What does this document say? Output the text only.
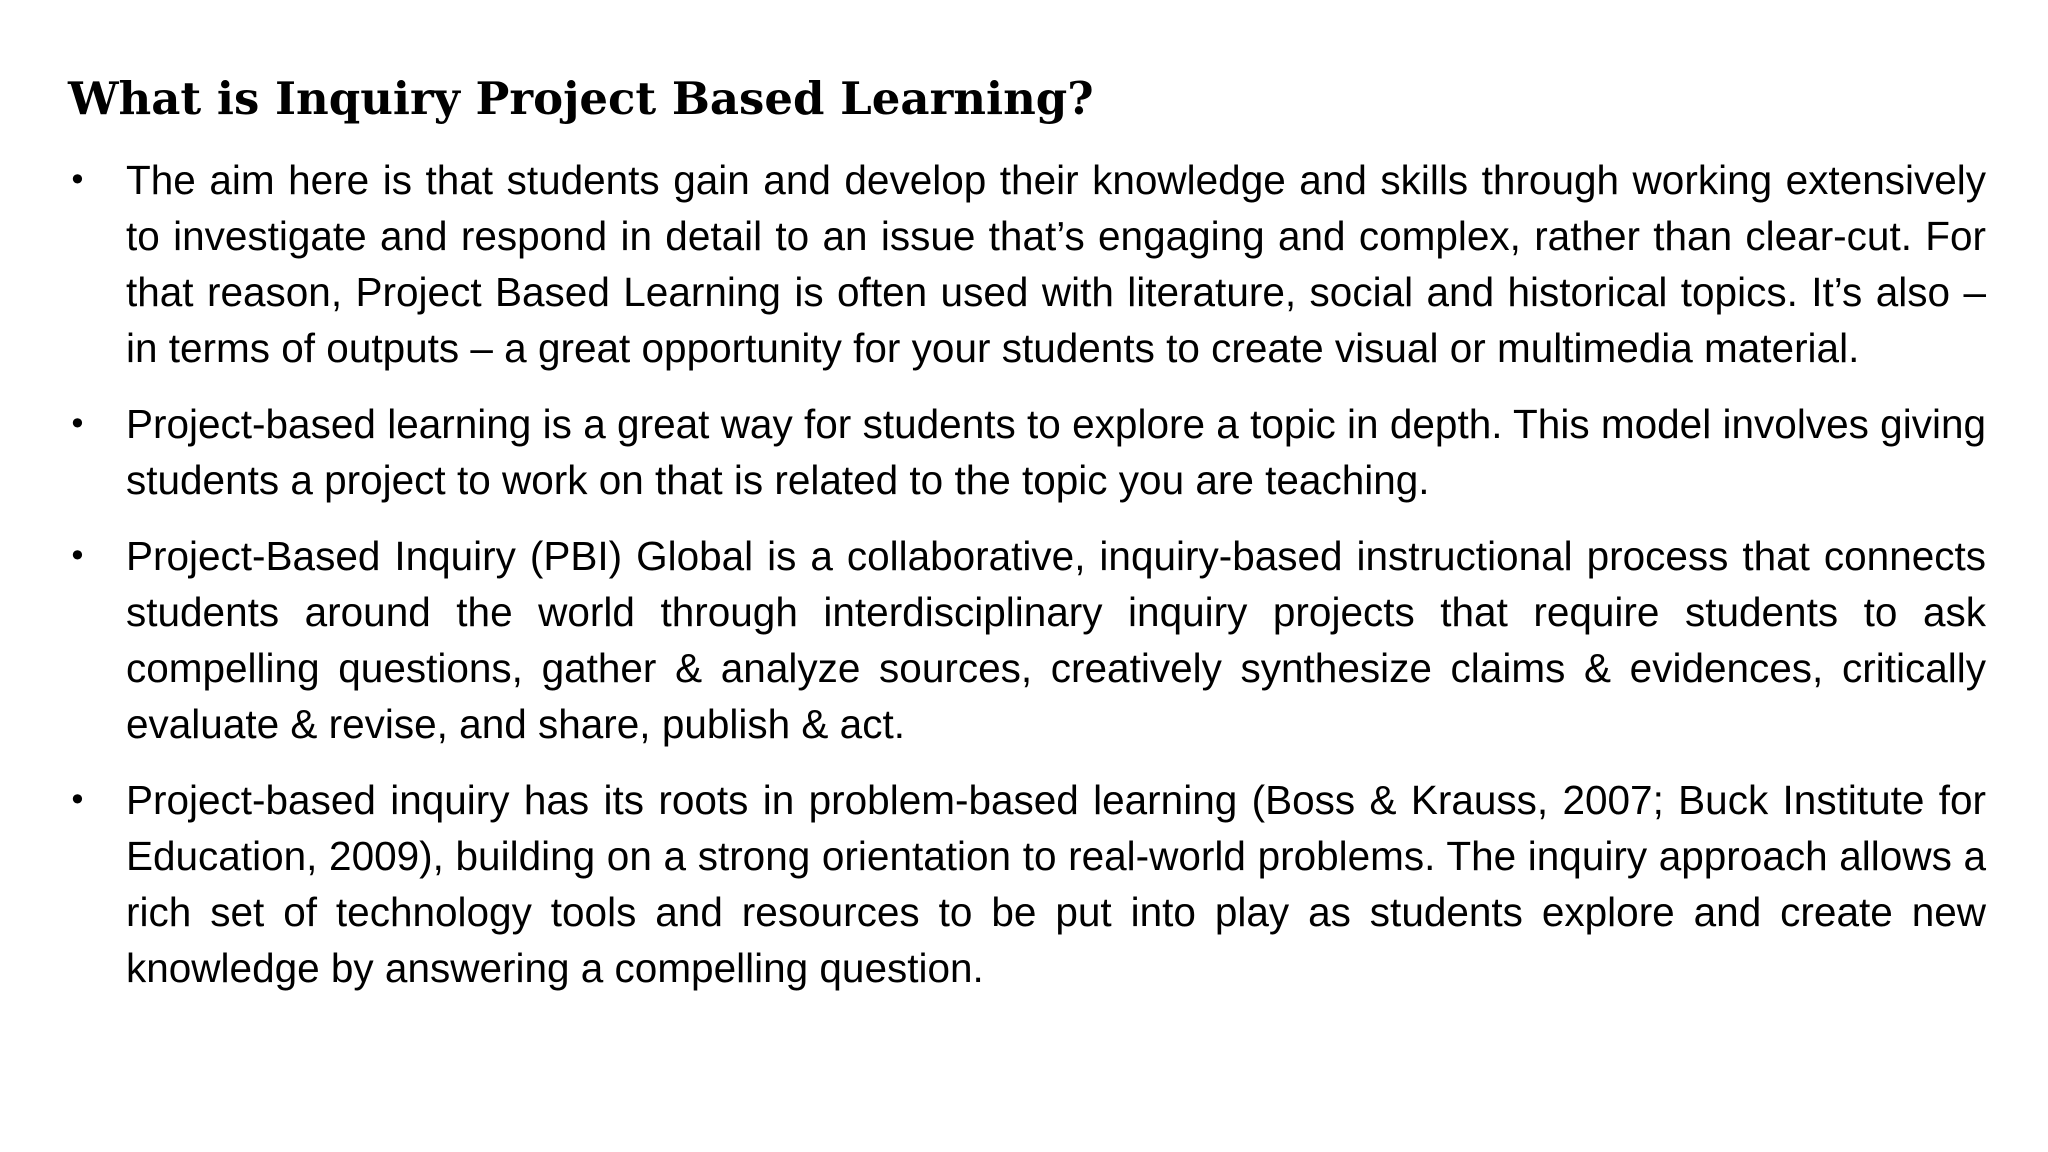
What is Inquiry Project Based Learning?
• The aim here is that students gain and develop their knowledge and skills through working extensively to investigate and respond in detail to an issue that’s engaging and complex, rather than clear-cut. For that reason, Project Based Learning is often used with literature, social and historical topics. It’s also – in terms of outputs – a great opportunity for your students to create visual or multimedia material.
• Project-based learning is a great way for students to explore a topic in depth. This model involves giving students a project to work on that is related to the topic you are teaching.
• Project-Based Inquiry (PBI) Global is a collaborative, inquiry-based instructional process that connects students around the world through interdisciplinary inquiry projects that require students to ask compelling questions, gather & analyze sources, creatively synthesize claims & evidences, critically evaluate & revise, and share, publish & act.
• Project-based inquiry has its roots in problem-based learning (Boss & Krauss, 2007; Buck Institute for Education, 2009), building on a strong orientation to real-world problems. The inquiry approach allows a rich set of technology tools and resources to be put into play as students explore and create new knowledge by answering a compelling question.
